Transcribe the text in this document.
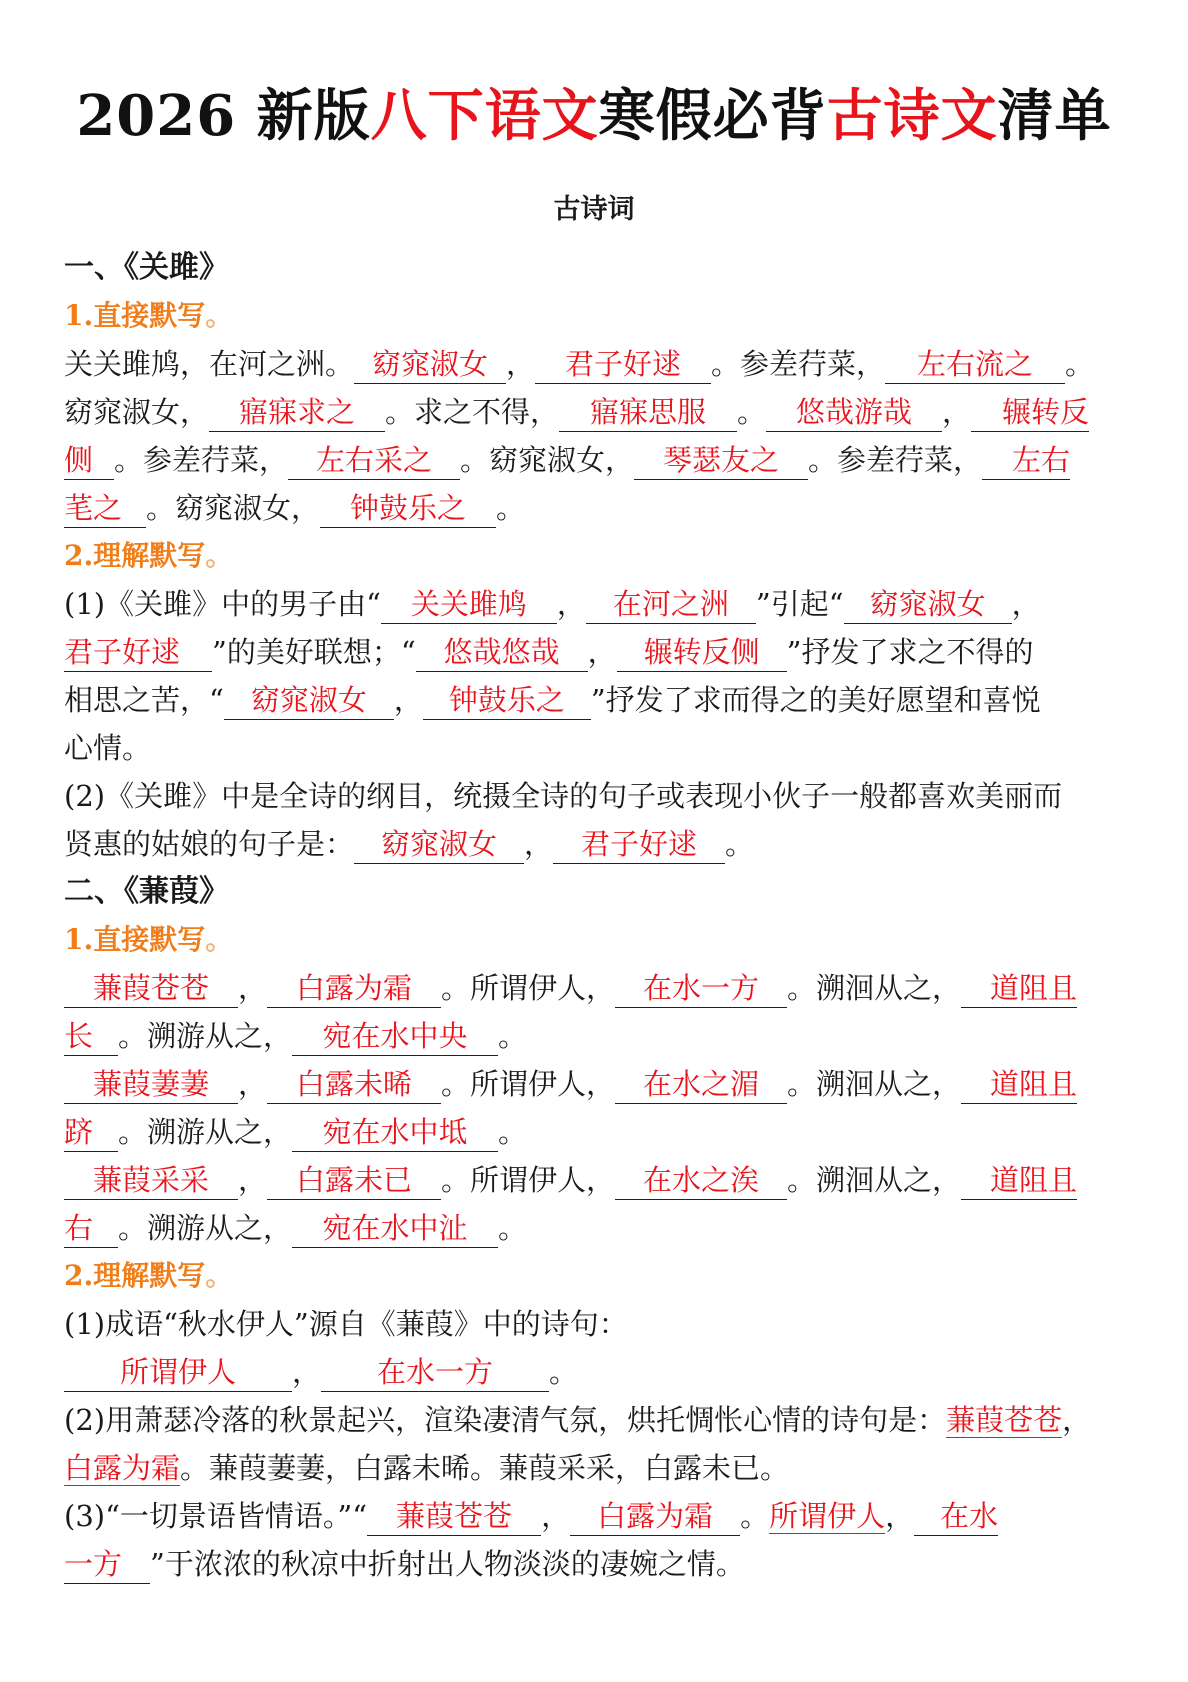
2026 新版八下语文寒假必背古诗文清单
古诗词
一、《关雎》
1.直接默写。
关关雎鸠，在河之洲。 窈窕淑女 ， 君子好逑 。参差荇菜， 左右流之 。
窈窕淑女， 寤寐求之 。求之不得， 寤寐思服 。 悠哉游哉 ， 辗转反
侧 。参差荇菜， 左右采之 。窈窕淑女， 琴瑟友之 。参差荇菜， 左右
芼之 。窈窕淑女， 钟鼓乐之 。
2.理解默写。
(1)《关雎》中的男子由“ 关关雎鸠 ， 在河之洲 ”引起“ 窈窕淑女 ，
君子好逑 ”的美好联想；“ 悠哉悠哉 ， 辗转反侧 ”抒发了求之不得的
相思之苦，“ 窈窕淑女 ， 钟鼓乐之 ”抒发了求而得之的美好愿望和喜悦
心情。
(2)《关雎》中是全诗的纲目，统摄全诗的句子或表现小伙子一般都喜欢美丽而
贤惠的姑娘的句子是： 窈窕淑女 ， 君子好逑 。
二、《蒹葭》
1.直接默写。
蒹葭苍苍 ， 白露为霜 。所谓伊人， 在水一方 。溯洄从之， 道阻且
长 。溯游从之， 宛在水中央 。
蒹葭萋萋 ， 白露未晞 。所谓伊人， 在水之湄 。溯洄从之， 道阻且
跻 。溯游从之， 宛在水中坻 。
蒹葭采采 ， 白露未已 。所谓伊人， 在水之涘 。溯洄从之， 道阻且
右 。溯游从之， 宛在水中沚 。
2.理解默写。
(1)成语“秋水伊人”源自《蒹葭》中的诗句：
所谓伊人 ， 在水一方 。
(2)用萧瑟冷落的秋景起兴，渲染凄清气氛，烘托惆怅心情的诗句是：蒹葭苍苍，
白露为霜。蒹葭萋萋，白露未晞。蒹葭采采，白露未已。
(3)“一切景语皆情语。”“ 蒹葭苍苍 ， 白露为霜 。所谓伊人， 在水
一方 ”于浓浓的秋凉中折射出人物淡淡的凄婉之情。
